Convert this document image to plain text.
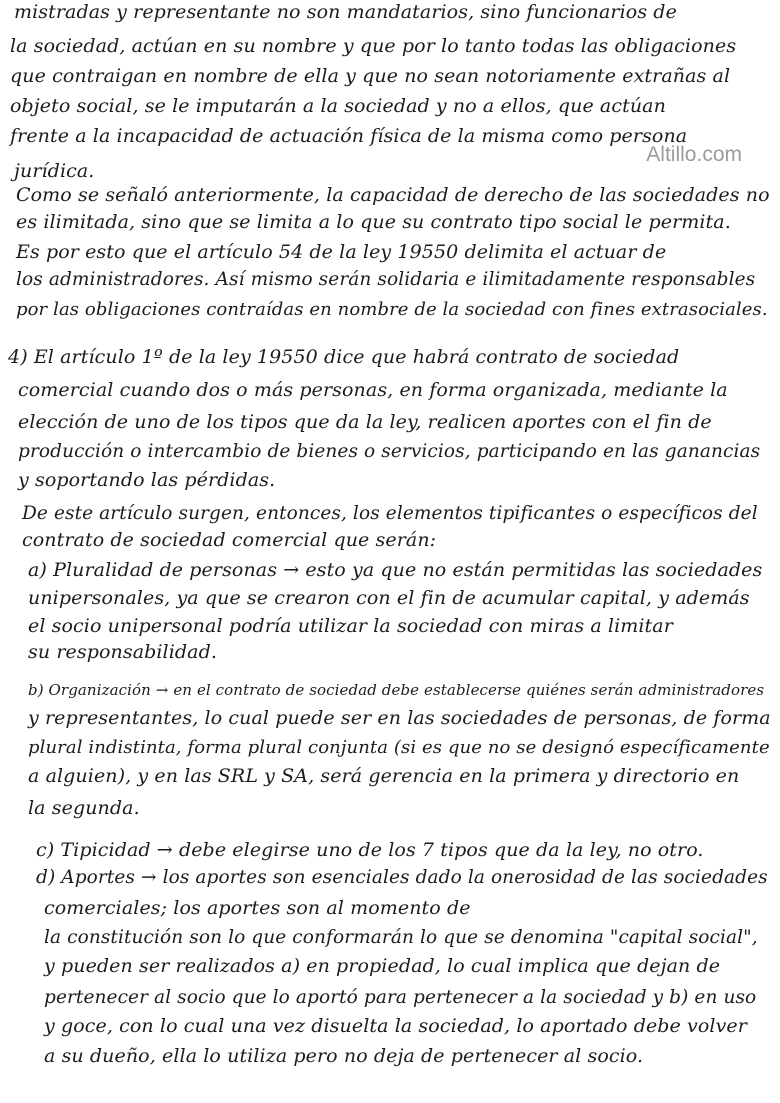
Altillo.com
mistradas y representante no son mandatarios, sino funcionarios de
la sociedad, actúan en su nombre y que por lo tanto todas las obligaciones
que contraigan en nombre de ella y que no sean notoriamente extrañas al
objeto social, se le imputarán a la sociedad y no a ellos, que actúan
frente a la incapacidad de actuación física de la misma como persona
jurídica.
Como se señaló anteriormente, la capacidad de derecho de las sociedades no
es ilimitada, sino que se limita a lo que su contrato tipo social le permita.
Es por esto que el artículo 54 de la ley 19550 delimita el actuar de
los administradores. Así mismo serán solidaria e ilimitadamente responsables
por las obligaciones contraídas en nombre de la sociedad con fines extrasociales.
4) El artículo 1º de la ley 19550 dice que habrá contrato de sociedad
comercial cuando dos o más personas, en forma organizada, mediante la
elección de uno de los tipos que da la ley, realicen aportes con el fin de
producción o intercambio de bienes o servicios, participando en las ganancias
y soportando las pérdidas.
De este artículo surgen, entonces, los elementos tipificantes o específicos del
contrato de sociedad comercial que serán:
a) Pluralidad de personas → esto ya que no están permitidas las sociedades
unipersonales, ya que se crearon con el fin de acumular capital, y además
el socio unipersonal podría utilizar la sociedad con miras a limitar
su responsabilidad.
b) Organización → en el contrato de sociedad debe establecerse quiénes serán administradores
y representantes, lo cual puede ser en las sociedades de personas, de forma
plural indistinta, forma plural conjunta (si es que no se designó específicamente
a alguien), y en las SRL y SA, será gerencia en la primera y directorio en
la segunda.
c) Tipicidad → debe elegirse uno de los 7 tipos que da la ley, no otro.
d) Aportes → los aportes son esenciales dado la onerosidad de las sociedades
comerciales; los aportes son al momento de
la constitución son lo que conformarán lo que se denomina "capital social",
y pueden ser realizados a) en propiedad, lo cual implica que dejan de
pertenecer al socio que lo aportó para pertenecer a la sociedad y b) en uso
y goce, con lo cual una vez disuelta la sociedad, lo aportado debe volver
a su dueño, ella lo utiliza pero no deja de pertenecer al socio.
